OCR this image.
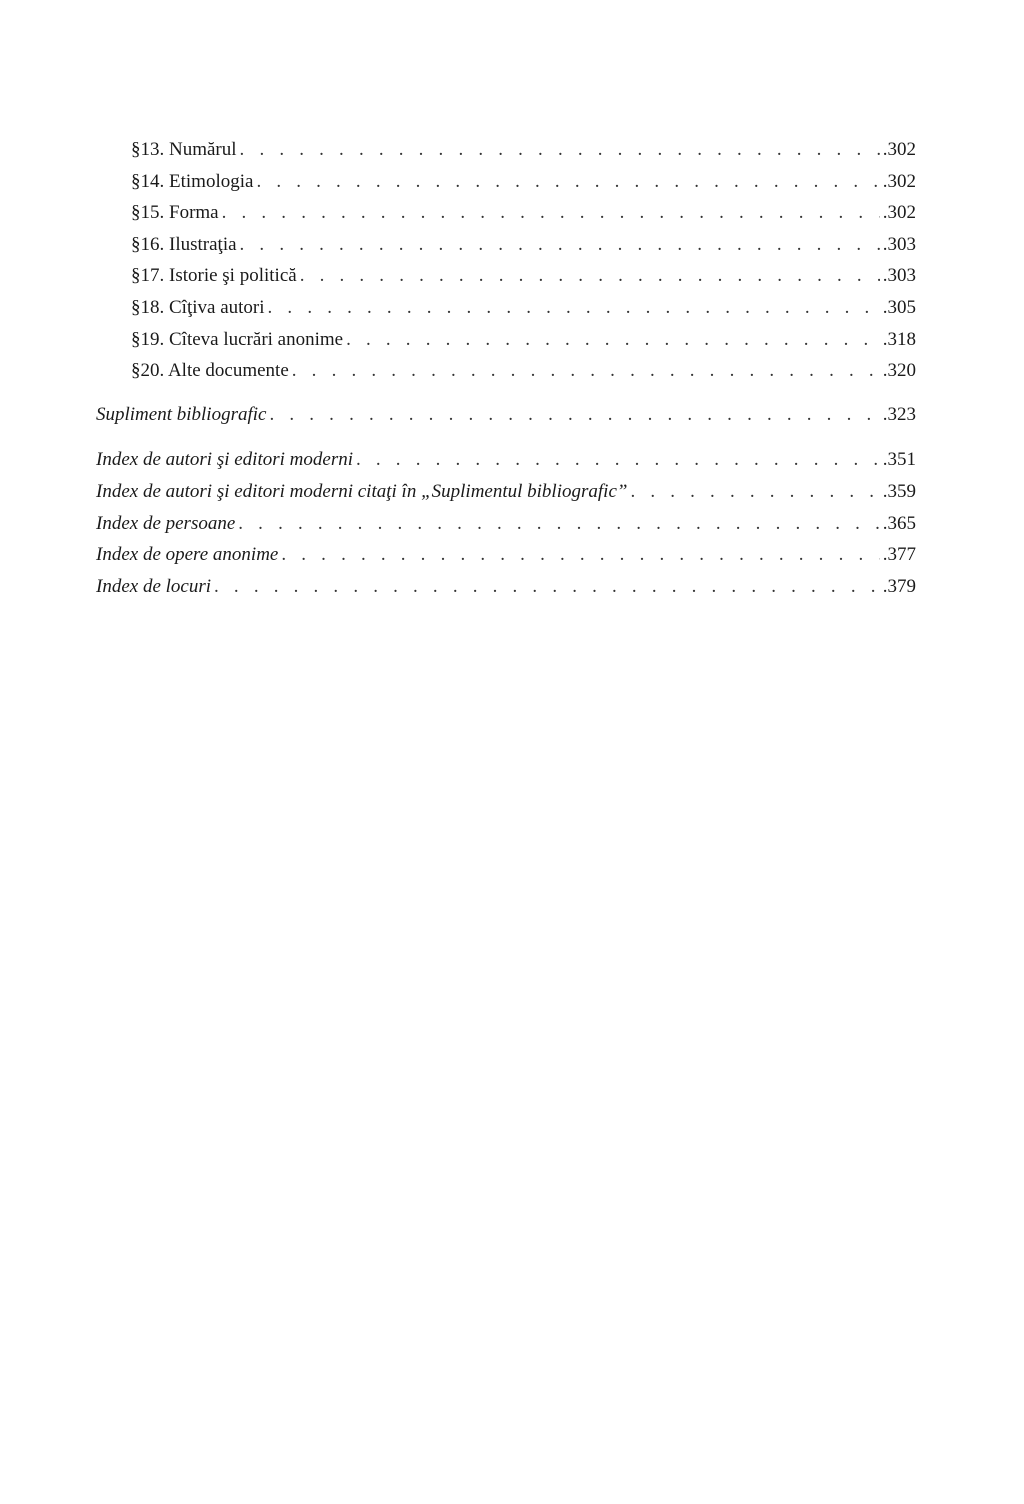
§13. Numărul . . .	.302
§14. Etimologia . . .	.302
§15. Forma . . .	.302
§16. Ilustraţia . . .	.303
§17. Istorie şi politică . . .	.303
§18. Cîţiva autori . . .	.305
§19. Cîteva lucrări anonime . . .	.318
§20. Alte documente . . .	.320
Supliment bibliografic . . .	.323
Index de autori şi editori moderni . . .	.351
Index de autori şi editori moderni citaţi în „Suplimentul bibliografic” . . .	.359
Index de persoane . . .	.365
Index de opere anonime . . .	.377
Index de locuri . . .	.379
